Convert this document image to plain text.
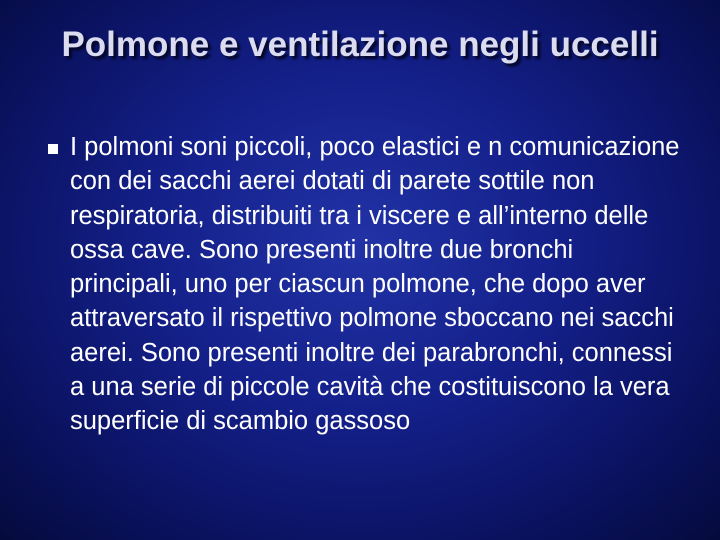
Polmone e ventilazione negli uccelli
I polmoni soni piccoli, poco elastici e n comunicazione con dei sacchi aerei dotati di parete sottile non respiratoria, distribuiti tra i viscere e all’interno delle ossa cave. Sono presenti inoltre due bronchi principali, uno per ciascun polmone, che dopo aver attraversato il rispettivo polmone sboccano nei sacchi aerei. Sono presenti inoltre dei parabronchi, connessi a una serie di piccole cavità che costituiscono la vera superficie di scambio gassoso
